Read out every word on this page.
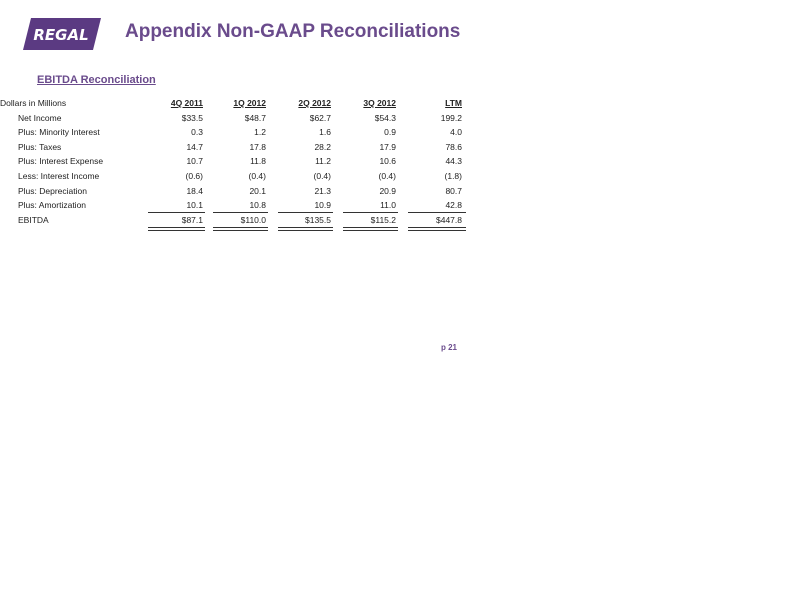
REGAL Appendix Non-GAAP Reconciliations
EBITDA Reconciliation
Dollars in Millions	4Q 2011	1Q 2012	2Q 2012	3Q 2012	LTM
Net Income	$33.5	$48.7	$62.7	$54.3	199.2
Plus: Minority Interest	0.3	1.2	1.6	0.9	4.0
Plus: Taxes	14.7	17.8	28.2	17.9	78.6
Plus: Interest Expense	10.7	11.8	11.2	10.6	44.3
Less: Interest Income	(0.6)	(0.4)	(0.4)	(0.4)	(1.8)
Plus: Depreciation	18.4	20.1	21.3	20.9	80.7
Plus: Amortization	10.1	10.8	10.9	11.0	42.8
EBITDA	$87.1	$110.0	$135.5	$115.2	$447.8
p 21
